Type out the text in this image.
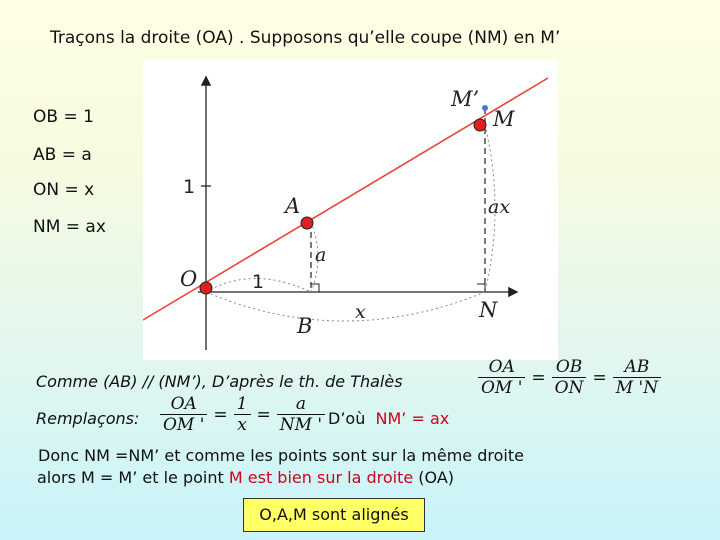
Traçons la droite (OA) . Supposons qu’elle coupe (NM) en M’
OB = 1
AB = a
ON = x
NM = ax
O
A
M’
M
B
N
a
ax
x
1
1
Comme (AB) // (NM’), D’après le th. de Thalès	$\frac{OA}{OM '} = \frac{OB}{ON} = \frac{AB}{M 'N}$
Remplaçons: $\frac{OA}{OM '} = \frac{1}{x} = \frac{a}{NM '}$ D’où NM’ = ax
Donc NM =NM’ et comme les points sont sur la même droite
alors M = M’ et le point M est bien sur la droite (OA)
O,A,M sont alignés
